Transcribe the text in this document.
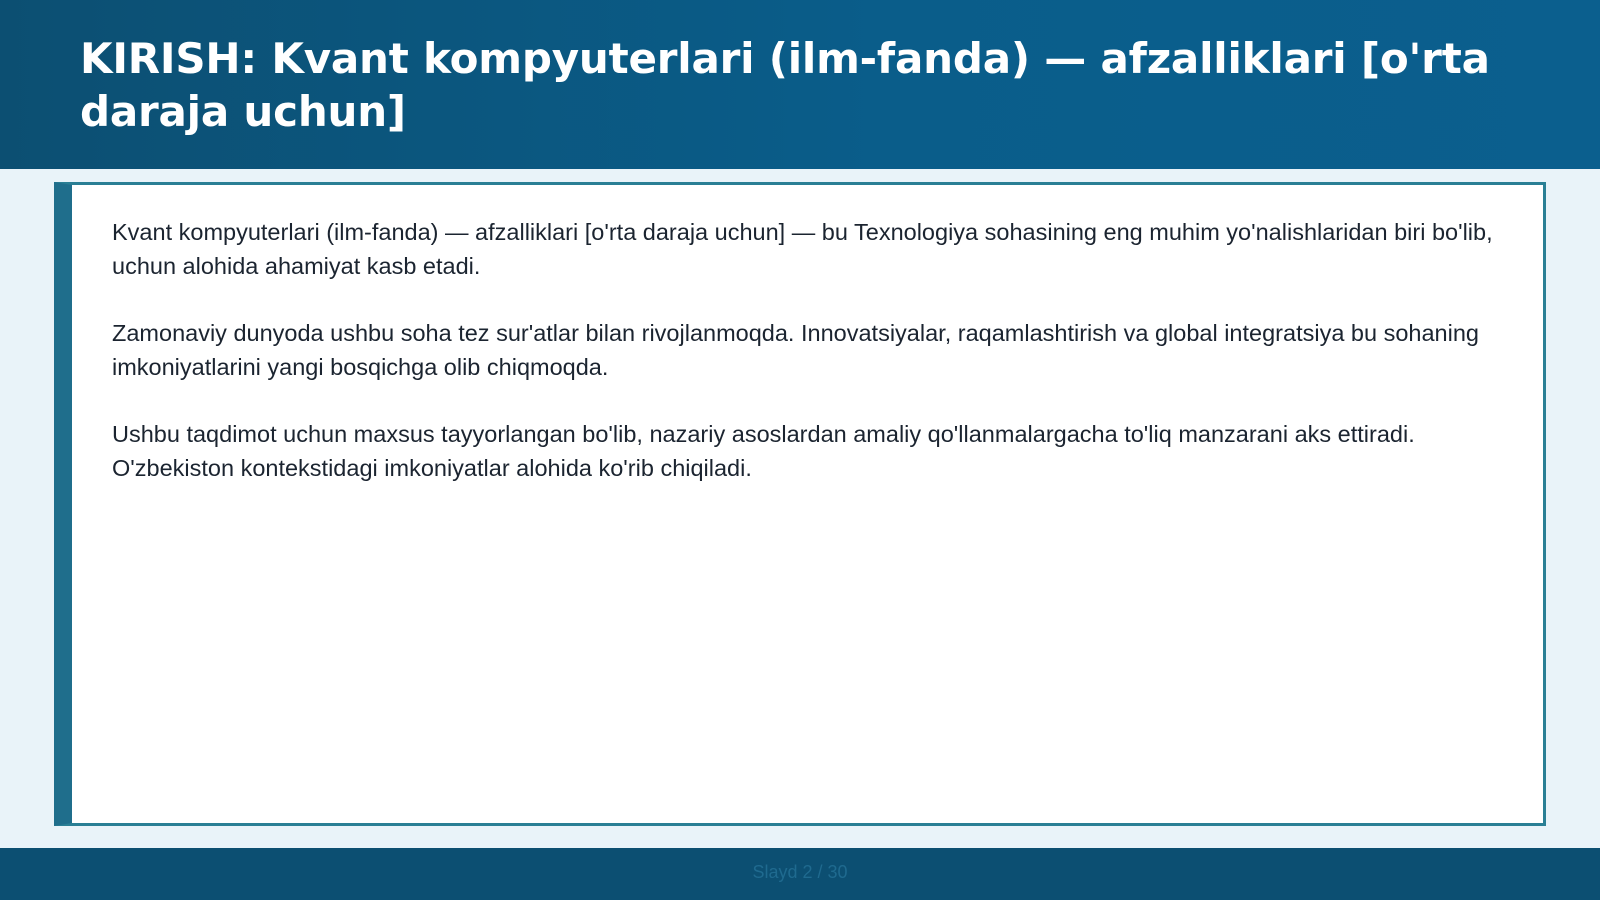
KIRISH: Kvant kompyuterlari (ilm-fanda) — afzalliklari [o'rta daraja uchun]

Kvant kompyuterlari (ilm-fanda) — afzalliklari [o'rta daraja uchun] — bu Texnologiya sohasining eng muhim yo'nalishlaridan biri bo'lib, uchun alohida ahamiyat kasb etadi.

Zamonaviy dunyoda ushbu soha tez sur'atlar bilan rivojlanmoqda. Innovatsiyalar, raqamlashtirish va global integratsiya bu sohaning imkoniyatlarini yangi bosqichga olib chiqmoqda.

Ushbu taqdimot uchun maxsus tayyorlangan bo'lib, nazariy asoslardan amaliy qo'llanmalargacha to'liq manzarani aks ettiradi. O'zbekiston kontekstidagi imkoniyatlar alohida ko'rib chiqiladi.

Slayd 2 / 30
